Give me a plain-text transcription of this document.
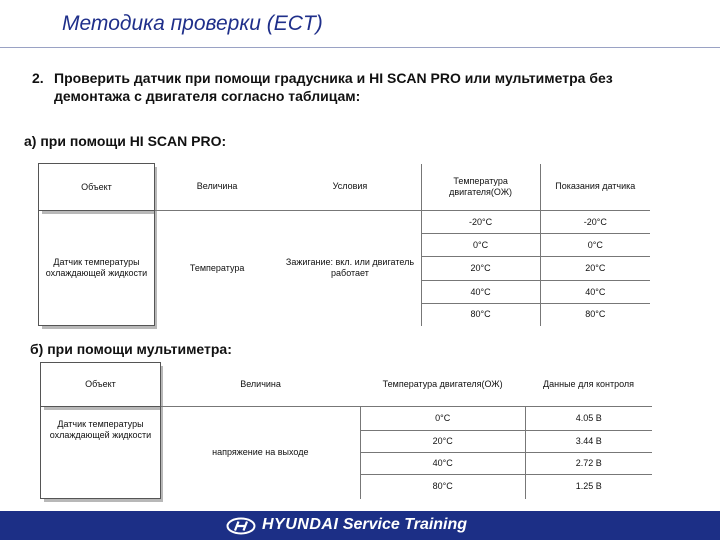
Методика проверки (ECT)
2. Проверить датчик при помощи градусника и HI SCAN PRO или мультиметра без демонтажа с двигателя согласно таблицам:
а) при помощи HI SCAN PRO:
Объект	Величина	Условия	Температура двигателя(ОЖ)	Показания датчика
Датчик температуры охлаждающей жидкости	Температура	Зажигание: вкл. или двигатель работает	-20°C	-20°C
			0°C	0°C
			20°C	20°C
			40°C	40°C
			80°C	80°C
б) при помощи мультиметра:
Объект	Величина	Температура двигателя(ОЖ)	Данные для контроля
Датчик температуры охлаждающей жидкости	напряжение на выходе	0°C	4.05 В
		20°C	3.44 В
		40°C	2.72 В
		80°C	1.25 В
HYUNDAI Service Training
